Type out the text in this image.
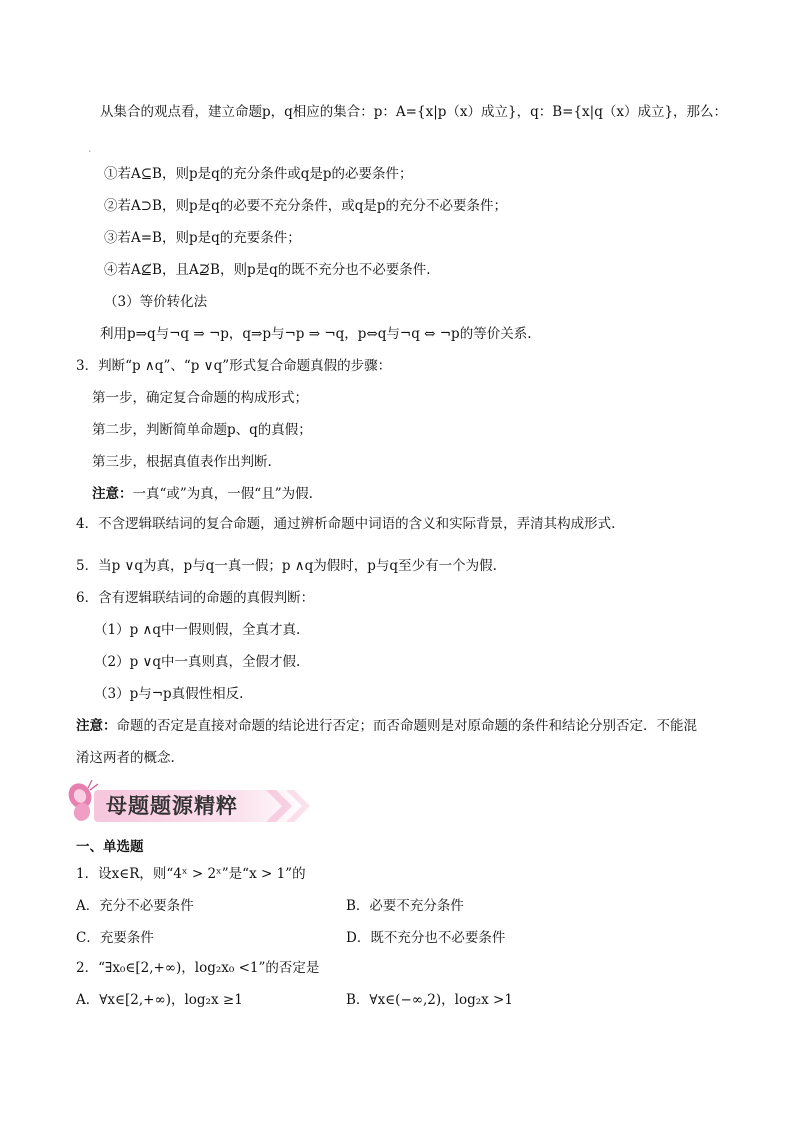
从集合的观点看，建立命题p，q相应的集合：p：A={x|p（x）成立}，q：B={x|q（x）成立}，那么：
.
①若A⊆B，则p是q的充分条件或q是p的必要条件；
②若A⊃B，则p是q的必要不充分条件，或q是p的充分不必要条件；
③若A=B，则p是q的充要条件；
④若A⊈B，且A⊉B，则p是q的既不充分也不必要条件.
（3）等价转化法
利用p⇒q与¬q ⇒ ¬p，q⇒p与¬p ⇒ ¬q，p⇔q与¬q ⇔ ¬p的等价关系.
3．判断“p ∧q”、“p ∨q”形式复合命题真假的步骤：
第一步，确定复合命题的构成形式；
第二步，判断简单命题p、q的真假；
第三步，根据真值表作出判断.
注意：一真“或”为真，一假“且”为假.
4．不含逻辑联结词的复合命题，通过辨析命题中词语的含义和实际背景，弄清其构成形式.
5．当p ∨q为真，p与q一真一假；p ∧q为假时，p与q至少有一个为假.
6．含有逻辑联结词的命题的真假判断：
（1）p ∧q中一假则假，全真才真.
（2）p ∨q中一真则真，全假才假.
（3）p与¬p真假性相反.
注意：命题的否定是直接对命题的结论进行否定；而否命题则是对原命题的条件和结论分别否定．不能混
淆这两者的概念.
母题题源精粹
一、单选题
1．设x∈R，则“4ˣ > 2ˣ”是“x > 1”的
A．充分不必要条件	B．必要不充分条件
C．充要条件	D．既不充分也不必要条件
2．“∃x₀∈[2,+∞)，log₂x₀ <1”的否定是
A．∀x∈[2,+∞)，log₂x ≥1	B．∀x∈(−∞,2)，log₂x >1
